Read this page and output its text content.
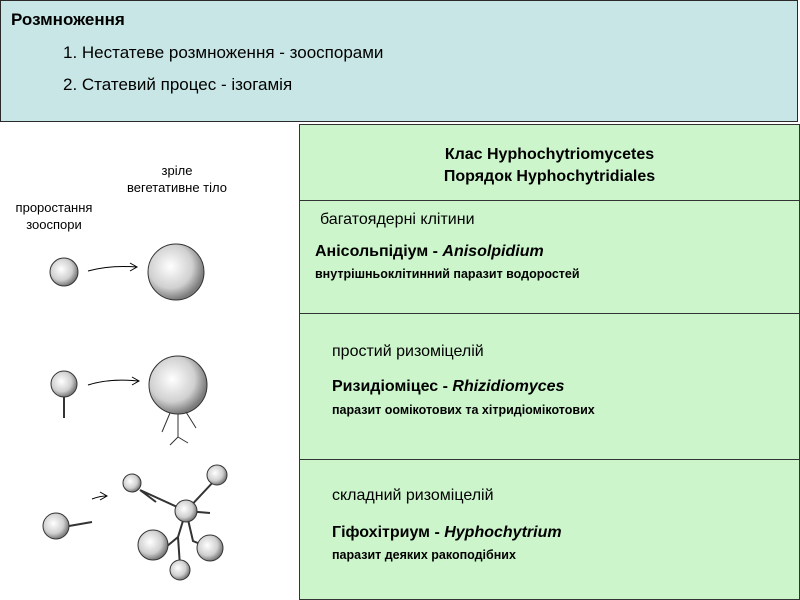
Розмноження
1. Нестатеве розмноження - зооспорами
2. Статевий процес - ізогамія
зріле
вегетативне тіло
проростання
зооспори
Клас Hyphochytriomycetes
Порядок Hyphochytridiales
багатоядерні клітини
Анісольпідіум - Anisolpidium
внутрішньоклітинний паразит водоростей
простий ризоміцелій
Ризидіоміцес - Rhizidiomyces
паразит оомікотових та хітридіомікотових
складний ризоміцелій
Гіфохітриум - Hyphochytrium
паразит деяких ракоподібних
